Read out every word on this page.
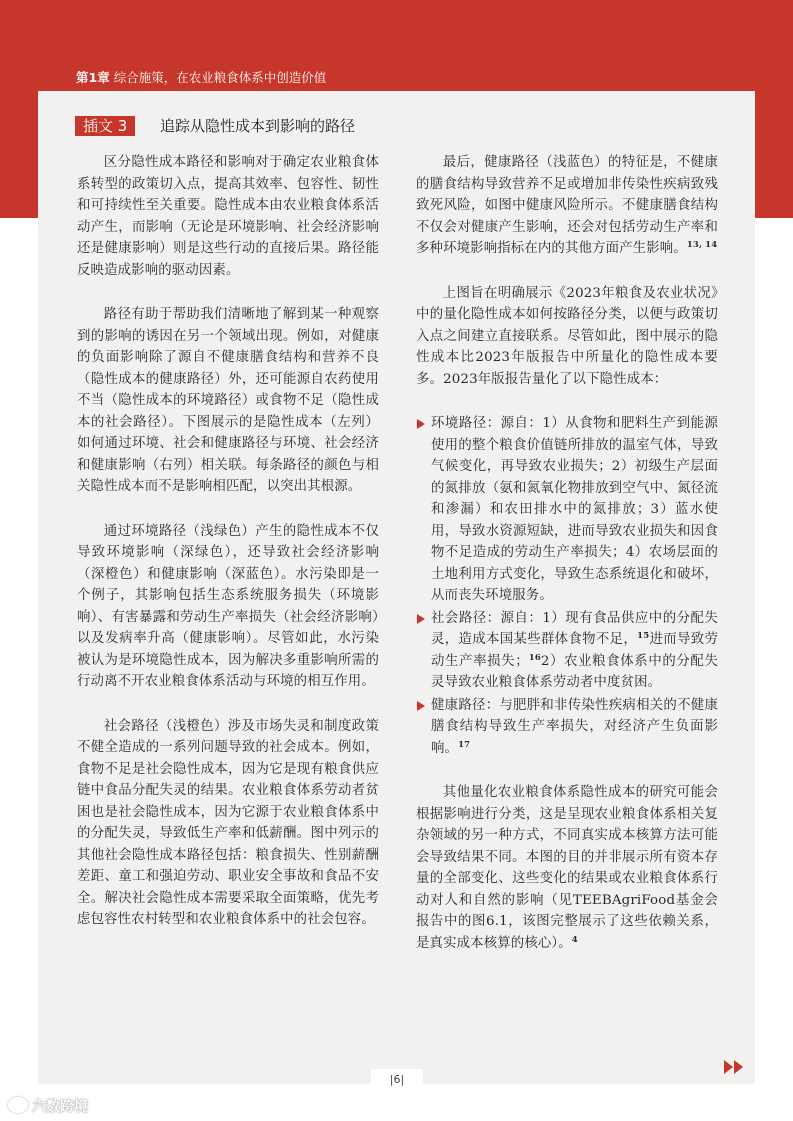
第1章 综合施策，在农业粮食体系中创造价值
插文 3	追踪从隐性成本到影响的路径

区分隐性成本路径和影响对于确定农业粮食体系转型的政策切入点，提高其效率、包容性、韧性和可持续性至关重要。隐性成本由农业粮食体系活动产生，而影响（无论是环境影响、社会经济影响还是健康影响）则是这些行动的直接后果。路径能反映造成影响的驱动因素。

路径有助于帮助我们清晰地了解到某一种观察到的影响的诱因在另一个领域出现。例如，对健康的负面影响除了源自不健康膳食结构和营养不良（隐性成本的健康路径）外，还可能源自农药使用不当（隐性成本的环境路径）或食物不足（隐性成本的社会路径）。下图展示的是隐性成本（左列）如何通过环境、社会和健康路径与环境、社会经济和健康影响（右列）相关联。每条路径的颜色与相关隐性成本而不是影响相匹配，以突出其根源。

通过环境路径（浅绿色）产生的隐性成本不仅导致环境影响（深绿色），还导致社会经济影响（深橙色）和健康影响（深蓝色）。水污染即是一个例子，其影响包括生态系统服务损失（环境影响）、有害暴露和劳动生产率损失（社会经济影响）以及发病率升高（健康影响）。尽管如此，水污染被认为是环境隐性成本，因为解决多重影响所需的行动离不开农业粮食体系活动与环境的相互作用。

社会路径（浅橙色）涉及市场失灵和制度政策不健全造成的一系列问题导致的社会成本。例如，食物不足是社会隐性成本，因为它是现有粮食供应链中食品分配失灵的结果。农业粮食体系劳动者贫困也是社会隐性成本，因为它源于农业粮食体系中的分配失灵，导致低生产率和低薪酬。图中列示的其他社会隐性成本路径包括：粮食损失、性别薪酬差距、童工和强迫劳动、职业安全事故和食品不安全。解决社会隐性成本需要采取全面策略，优先考虑包容性农村转型和农业粮食体系中的社会包容。

最后，健康路径（浅蓝色）的特征是，不健康的膳食结构导致营养不足或增加非传染性疾病致残致死风险，如图中健康风险所示。不健康膳食结构不仅会对健康产生影响，还会对包括劳动生产率和多种环境影响指标在内的其他方面产生影响。$^{13, 14}$

上图旨在明确展示《2023年粮食及农业状况》中的量化隐性成本如何按路径分类，以便与政策切入点之间建立直接联系。尽管如此，图中展示的隐性成本比2023年版报告中所量化的隐性成本要多。2023年版报告量化了以下隐性成本：

环境路径：源自：1）从食物和肥料生产到能源使用的整个粮食价值链所排放的温室气体，导致气候变化，再导致农业损失；2）初级生产层面的氮排放（氨和氮氧化物排放到空气中、氮径流和渗漏）和农田排水中的氮排放；3）蓝水使用，导致水资源短缺，进而导致农业损失和因食物不足造成的劳动生产率损失；4）农场层面的土地利用方式变化，导致生态系统退化和破坏，从而丧失环境服务。
社会路径：源自：1）现有食品供应中的分配失灵，造成本国某些群体食物不足，$^{15}$进而导致劳动生产率损失；$^{16}$2）农业粮食体系中的分配失灵导致农业粮食体系劳动者中度贫困。
健康路径：与肥胖和非传染性疾病相关的不健康膳食结构导致生产率损失，对经济产生负面影响。$^{17}$

其他量化农业粮食体系隐性成本的研究可能会根据影响进行分类，这是呈现农业粮食体系相关复杂领域的另一种方式，不同真实成本核算方法可能会导致结果不同。本图的目的并非展示所有资本存量的全部变化、这些变化的结果或农业粮食体系行动对人和自然的影响（见TEEBAgriFood基金会报告中的图6.1，该图完整展示了这些依赖关系，是真实成本核算的核心）。$^4$

|6|
六数跨境
